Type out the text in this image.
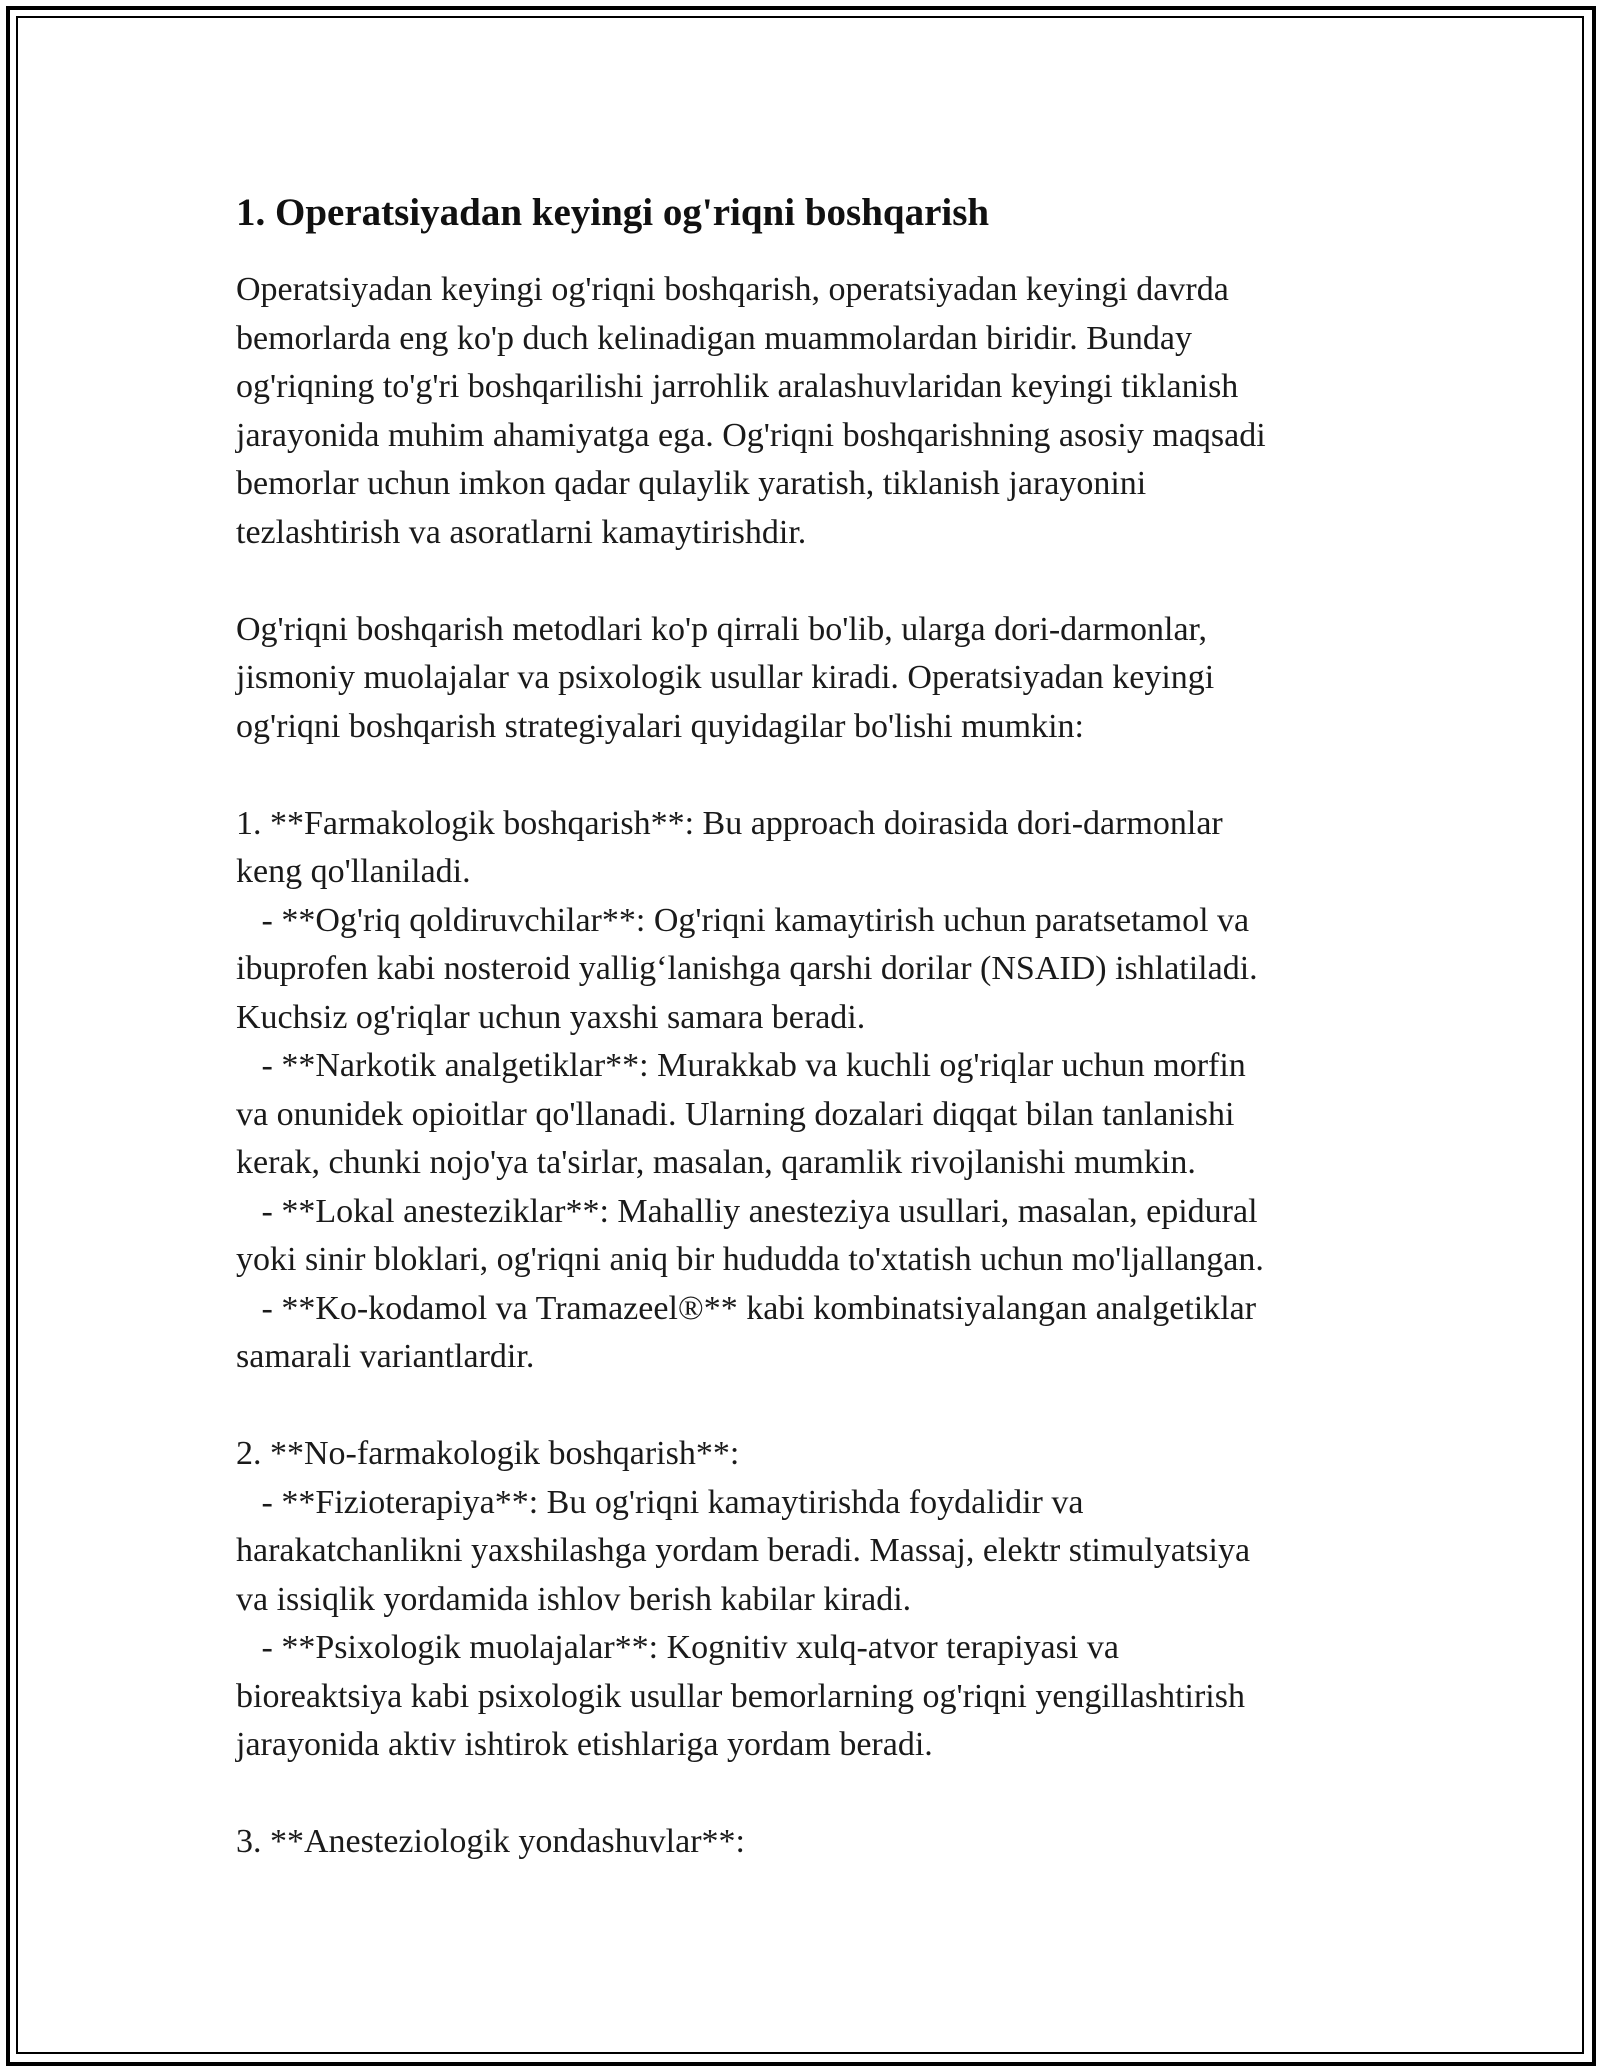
1. Operatsiyadan keyingi og'riqni boshqarish
Operatsiyadan keyingi og'riqni boshqarish, operatsiyadan keyingi davrda
bemorlarda eng ko'p duch kelinadigan muammolardan biridir. Bunday
og'riqning to'g'ri boshqarilishi jarrohlik aralashuvlaridan keyingi tiklanish
jarayonida muhim ahamiyatga ega. Og'riqni boshqarishning asosiy maqsadi
bemorlar uchun imkon qadar qulaylik yaratish, tiklanish jarayonini
tezlashtirish va asoratlarni kamaytirishdir.
Og'riqni boshqarish metodlari ko'p qirrali bo'lib, ularga dori-darmonlar,
jismoniy muolajalar va psixologik usullar kiradi. Operatsiyadan keyingi
og'riqni boshqarish strategiyalari quyidagilar bo'lishi mumkin:
1. **Farmakologik boshqarish**: Bu approach doirasida dori-darmonlar
keng qo'llaniladi.
- **Og'riq qoldiruvchilar**: Og'riqni kamaytirish uchun paratsetamol va
ibuprofen kabi nosteroid yallig‘lanishga qarshi dorilar (NSAID) ishlatiladi.
Kuchsiz og'riqlar uchun yaxshi samara beradi.
- **Narkotik analgetiklar**: Murakkab va kuchli og'riqlar uchun morfin
va onunidek opioitlar qo'llanadi. Ularning dozalari diqqat bilan tanlanishi
kerak, chunki nojo'ya ta'sirlar, masalan, qaramlik rivojlanishi mumkin.
- **Lokal anesteziklar**: Mahalliy anesteziya usullari, masalan, epidural
yoki sinir bloklari, og'riqni aniq bir hududda to'xtatish uchun mo'ljallangan.
- **Ko-kodamol va Tramazeel®** kabi kombinatsiyalangan analgetiklar
samarali variantlardir.
2. **No-farmakologik boshqarish**:
- **Fizioterapiya**: Bu og'riqni kamaytirishda foydalidir va
harakatchanlikni yaxshilashga yordam beradi. Massaj, elektr stimulyatsiya
va issiqlik yordamida ishlov berish kabilar kiradi.
- **Psixologik muolajalar**: Kognitiv xulq-atvor terapiyasi va
bioreaktsiya kabi psixologik usullar bemorlarning og'riqni yengillashtirish
jarayonida aktiv ishtirok etishlariga yordam beradi.
3. **Anesteziologik yondashuvlar**:
